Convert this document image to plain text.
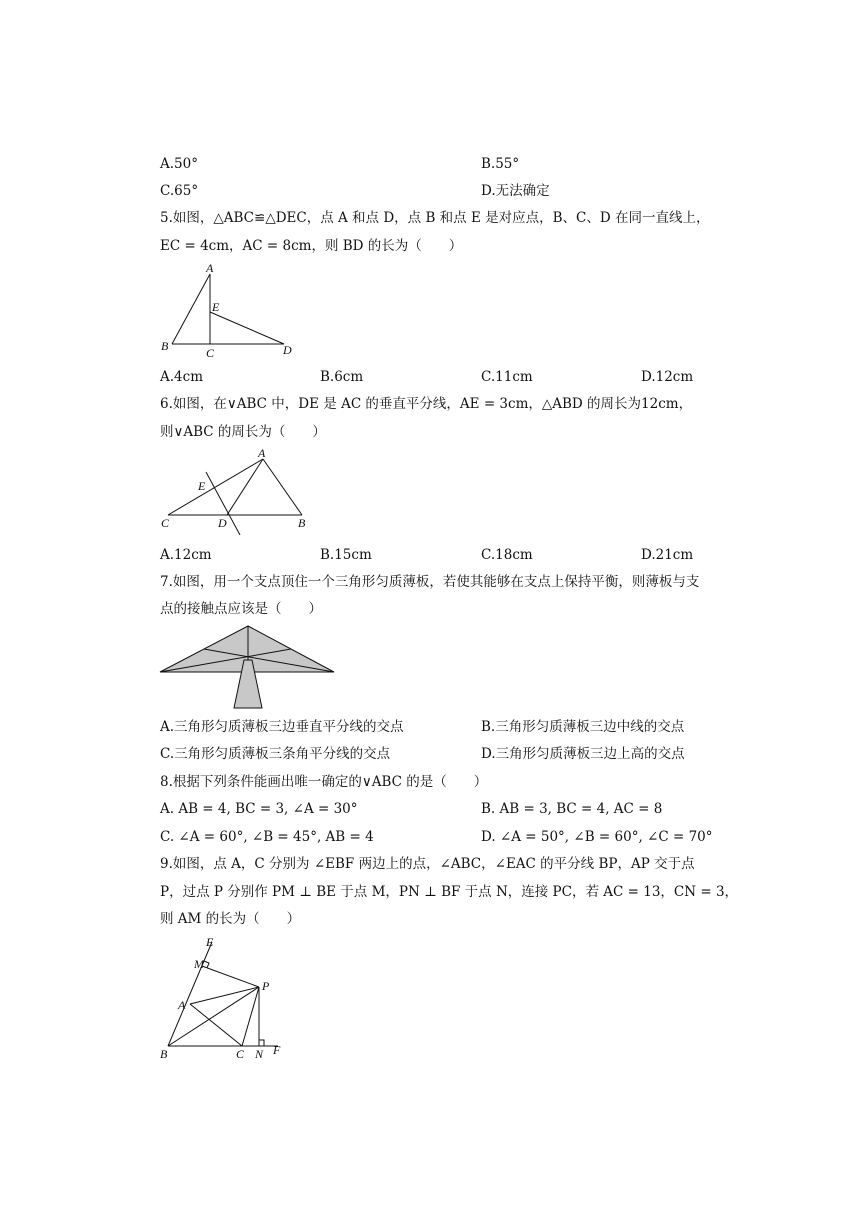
A.50°	B.55°
C.65°	D.无法确定
5.如图，△ABC≌△DEC，点 A 和点 D，点 B 和点 E 是对应点，B、C、D 在同一直线上，
EC = 4cm，AC = 8cm，则 BD 的长为（　　）
A
E
B	C	D
A.4cm	B.6cm	C.11cm	D.12cm
6.如图，在∨ABC 中，DE 是 AC 的垂直平分线，AE = 3cm，△ABD 的周长为12cm，
则∨ABC 的周长为（　　）
A
E
C	D	B
A.12cm	B.15cm	C.18cm	D.21cm
7.如图，用一个支点顶住一个三角形匀质薄板，若使其能够在支点上保持平衡，则薄板与支
点的接触点应该是（　　）
A.三角形匀质薄板三边垂直平分线的交点	B.三角形匀质薄板三边中线的交点
C.三角形匀质薄板三条角平分线的交点	D.三角形匀质薄板三边上高的交点
8.根据下列条件能画出唯一确定的∨ABC 的是（　　）
A. AB = 4, BC = 3, ∠A = 30°	B. AB = 3, BC = 4, AC = 8
C. ∠A = 60°, ∠B = 45°, AB = 4	D. ∠A = 50°, ∠B = 60°, ∠C = 70°
9.如图，点 A，C 分别为 ∠EBF 两边上的点，∠ABC，∠EAC 的平分线 BP，AP 交于点
P，过点 P 分别作 PM ⊥ BE 于点 M，PN ⊥ BF 于点 N，连接 PC，若 AC = 13，CN = 3，
则 AM 的长为（　　）
E
M
P
A
B	C N F
